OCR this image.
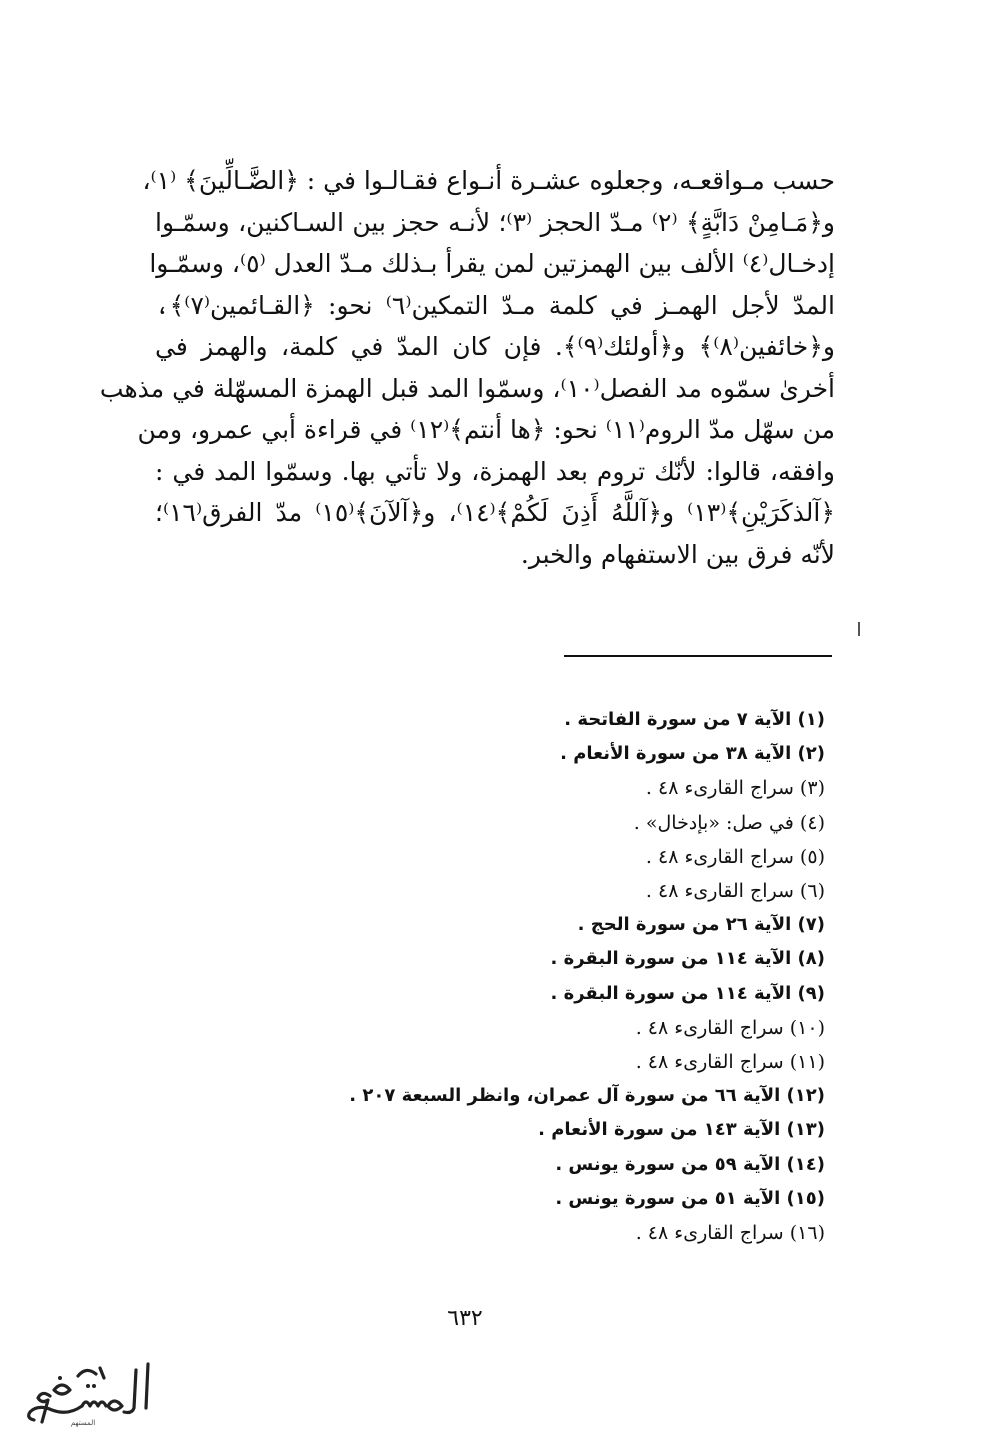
حسب مـواقعـه، وجعلوه عشـرة أنـواع فقـالـوا في : ﴿الضَّـالِّينَ﴾ ⁽١⁾،
و﴿مَـامِنْ دَابَّةٍ﴾ ⁽٢⁾ مـدّ الحجز ⁽٣⁾؛ لأنـه حجز بين السـاكنين، وسمّـوا
إدخـال⁽٤⁾ الألف بين الهمزتين لمن يقرأ بـذلك مـدّ العدل ⁽٥⁾، وسمّـوا
المدّ لأجل الهمـز في كلمة مـدّ التمكين⁽٦⁾ نحو: ﴿القـائمين⁽٧⁾﴾،
و﴿خائفين⁽٨⁾﴾ و﴿أولئك⁽٩⁾﴾. فإن كان المدّ في كلمة، والهمز في
أخرىٰ سمّوه مد الفصل⁽١٠⁾، وسمّوا المد قبل الهمزة المسهّلة في مذهب
من سهّل مدّ الروم⁽١١⁾ نحو: ﴿ها أنتم﴾⁽١٢⁾ في قراءة أبي عمرو، ومن
وافقه، قالوا: لأنّك تروم بعد الهمزة، ولا تأتي بها. وسمّوا المد في :
﴿آلذكَرَيْنِ﴾⁽١٣⁾ و﴿آللَّهُ أَذِنَ لَكُمْ﴾⁽١٤⁾، و﴿آلآنَ﴾⁽١٥⁾ مدّ الفرق⁽١٦⁾؛
لأنّه فرق بين الاستفهام والخبر.
(١) الآية ٧ من سورة الفاتحة .
(٢) الآية ٣٨ من سورة الأنعام .
(٣) سراج القارىء ٤٨ .
(٤) في صل: «بإدخال» .
(٥) سراج القارىء ٤٨ .
(٦) سراج القارىء ٤٨ .
(٧) الآية ٢٦ من سورة الحج .
(٨) الآية ١١٤ من سورة البقرة .
(٩) الآية ١١٤ من سورة البقرة .
(١٠) سراج القارىء ٤٨ .
(١١) سراج القارىء ٤٨ .
(١٢) الآية ٦٦ من سورة آل عمران، وانظر السبعة ٢٠٧ .
(١٣) الآية ١٤٣ من سورة الأنعام .
(١٤) الآية ٥٩ من سورة يونس .
(١٥) الآية ٥١ من سورة يونس .
(١٦) سراج القارىء ٤٨ .
٦٣٢
المستهم
